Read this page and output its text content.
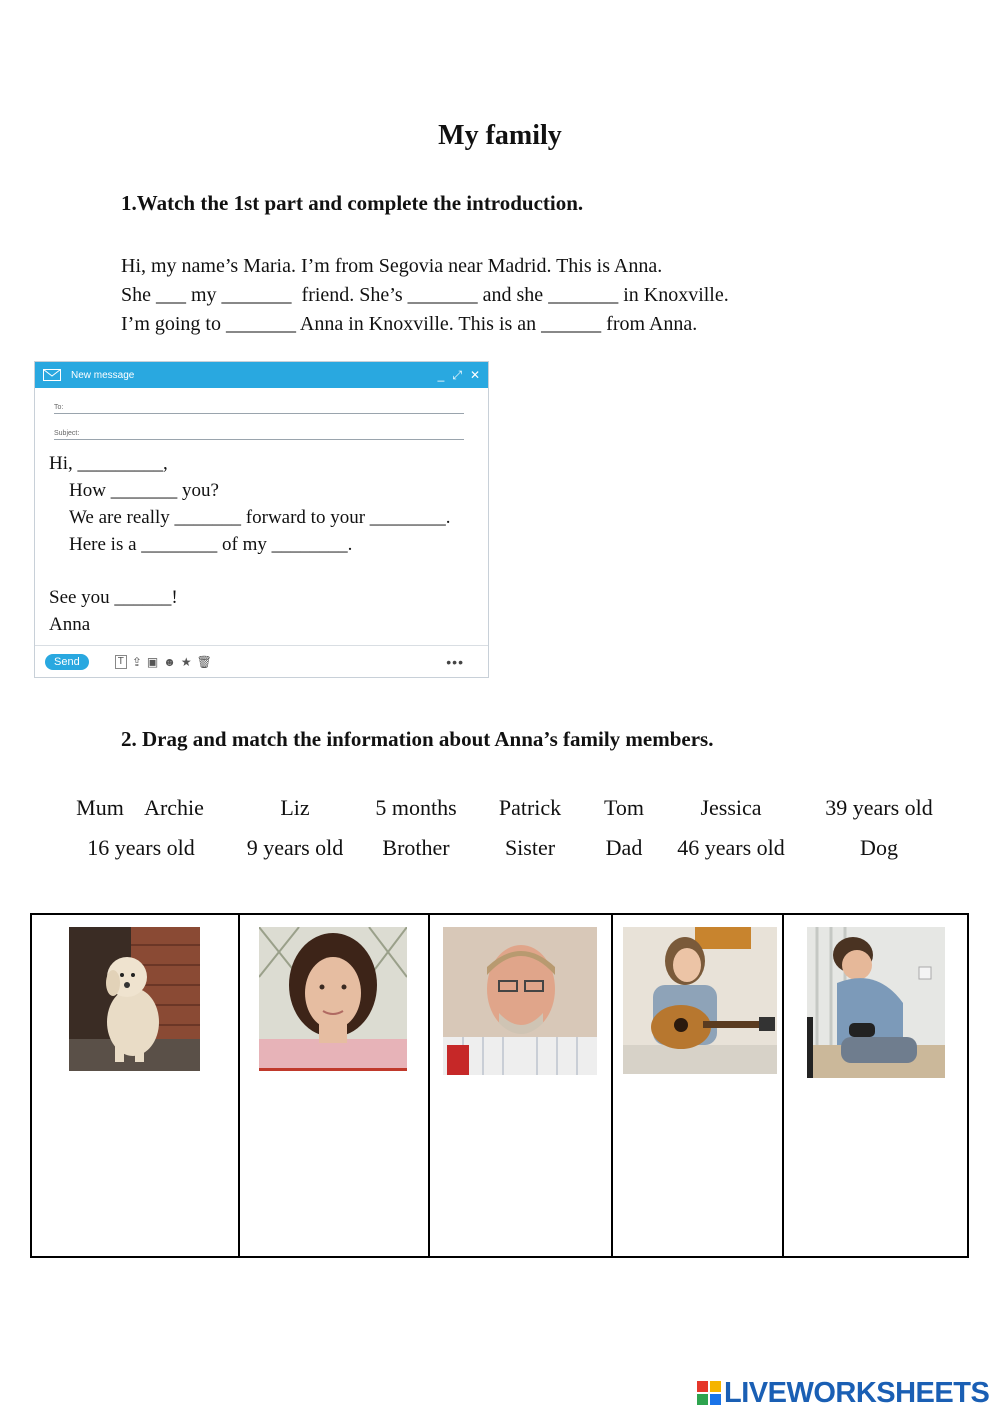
My family
1.Watch the 1st part and complete the introduction.
Hi, my name’s Maria. I’m from Segovia near Madrid. This is Anna.
She ___ my _______  friend. She’s _______ and she _______ in Knoxville.
I’m going to _______ Anna in Knoxville. This is an ______ from Anna.
New message	_ ⤢ ✕
To:
Subject:
Hi, _________,
How _______ you?
We are really _______ forward to your ________.
Here is a ________ of my ________.
See you ______!
Anna
Send	T ⇪ ▣ ☻ ★ 🗑	•••
2. Drag and match the information about Anna’s family members.
Mum Archie	Liz	5 months Patrick Tom	Jessica	39 years old
16 years old 9 years old Brother	Sister Dad 46 years old	Dog
LIVEWORKSHEETS
